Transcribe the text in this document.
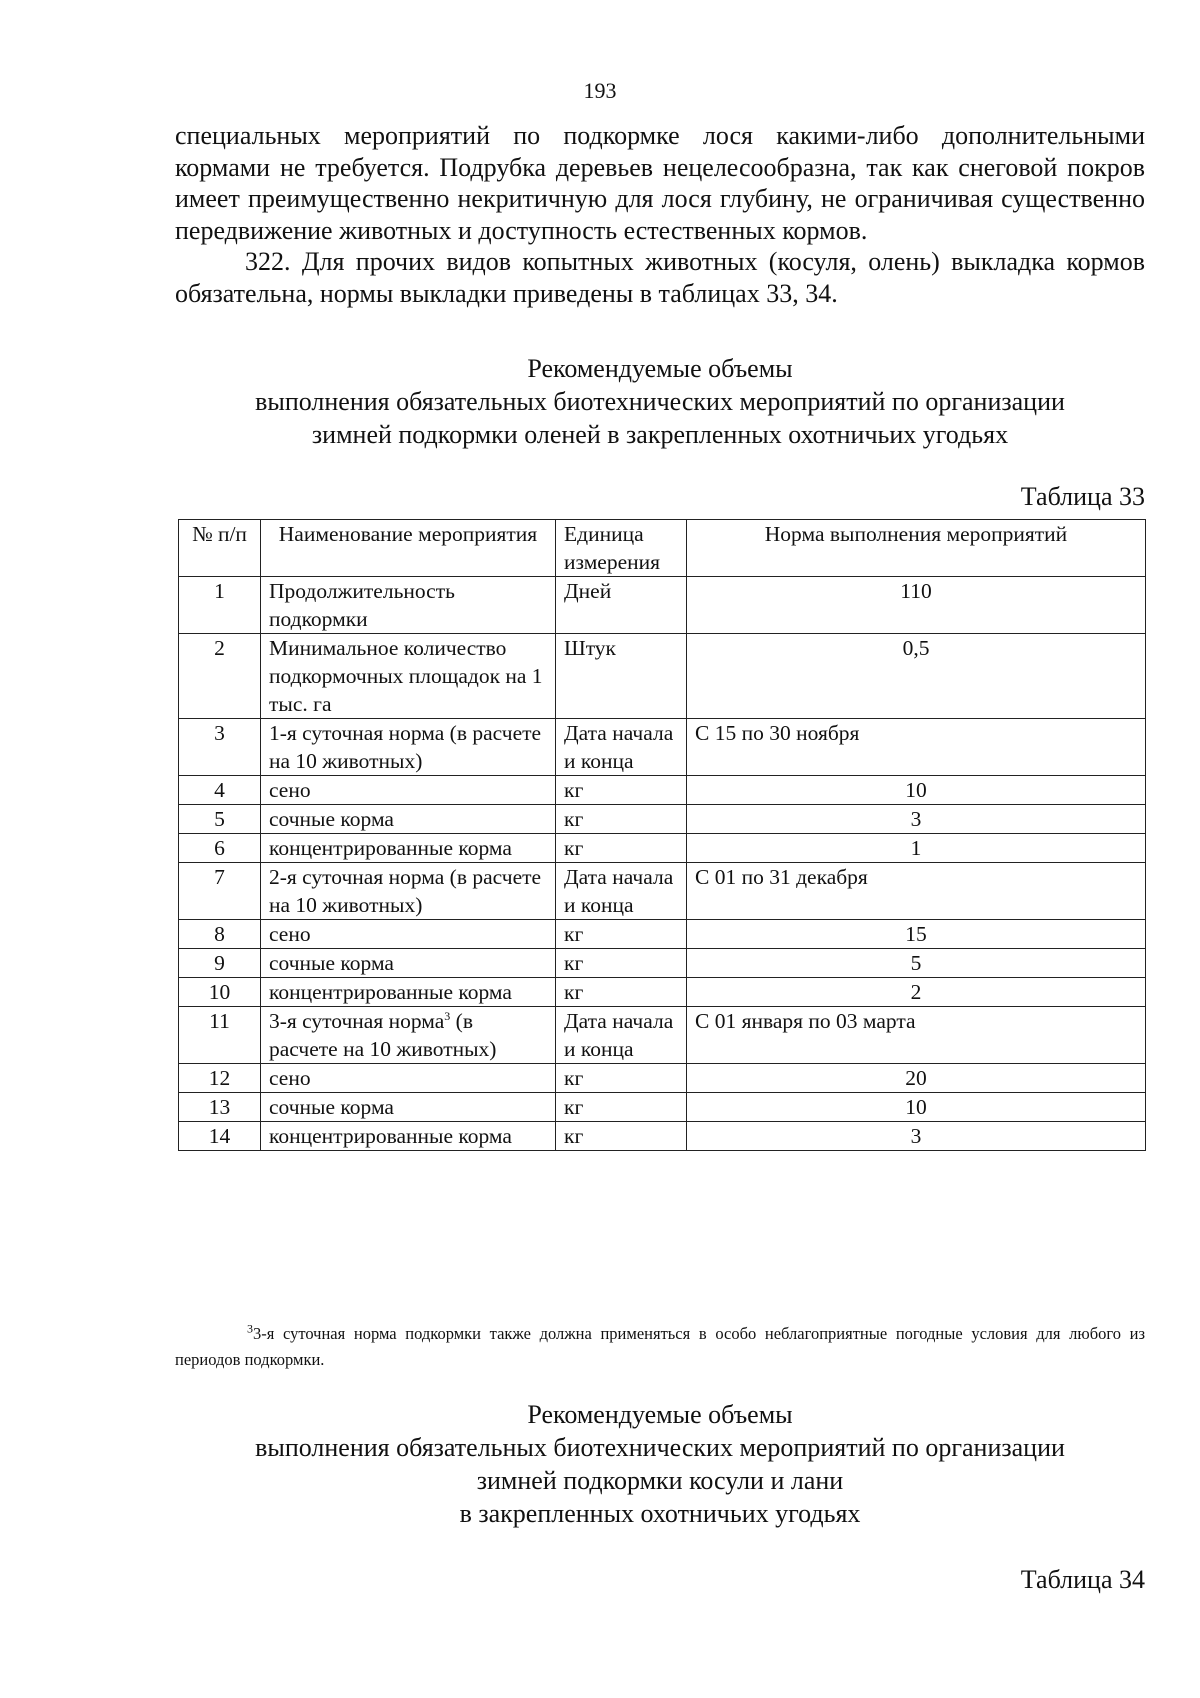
193

специальных мероприятий по подкормке лося какими-либо дополнительными кормами не требуется. Подрубка деревьев нецелесообразна, так как снеговой покров имеет преимущественно некритичную для лося глубину, не ограничивая существенно передвижение животных и доступность естественных кормов.

322. Для прочих видов копытных животных (косуля, олень) выкладка кормов обязательна, нормы выкладки приведены в таблицах 33, 34.

Рекомендуемые объемы
выполнения обязательных биотехнических мероприятий по организации
зимней подкормки оленей в закрепленных охотничьих угодьях
Таблица 33
№ п/п	Наименование мероприятия	Единица измерения	Норма выполнения мероприятий
1	Продолжительность подкормки	Дней	110
2	Минимальное количество подкормочных площадок на 1 тыс. га	Штук	0,5
3	1-я суточная норма (в расчете на 10 животных)	Дата начала и конца	С 15 по 30 ноября
4	сено	кг	10
5	сочные корма	кг	3
6	концентрированные корма	кг	1
7	2-я суточная норма (в расчете на 10 животных)	Дата начала и конца	С 01 по 31 декабря
8	сено	кг	15
9	сочные корма	кг	5
10	концентрированные корма	кг	2
11	3-я суточная норма$^3$ (в расчете на 10 животных)	Дата начала и конца	С 01 января по 03 марта
12	сено	кг	20
13	сочные корма	кг	10
14	концентрированные корма	кг	3
$^3$3-я суточная норма подкормки также должна применяться в особо неблагоприятные погодные условия для любого из периодов подкормки.
Рекомендуемые объемы
выполнения обязательных биотехнических мероприятий по организации
зимней подкормки косули и лани
в закрепленных охотничьих угодьях
Таблица 34
